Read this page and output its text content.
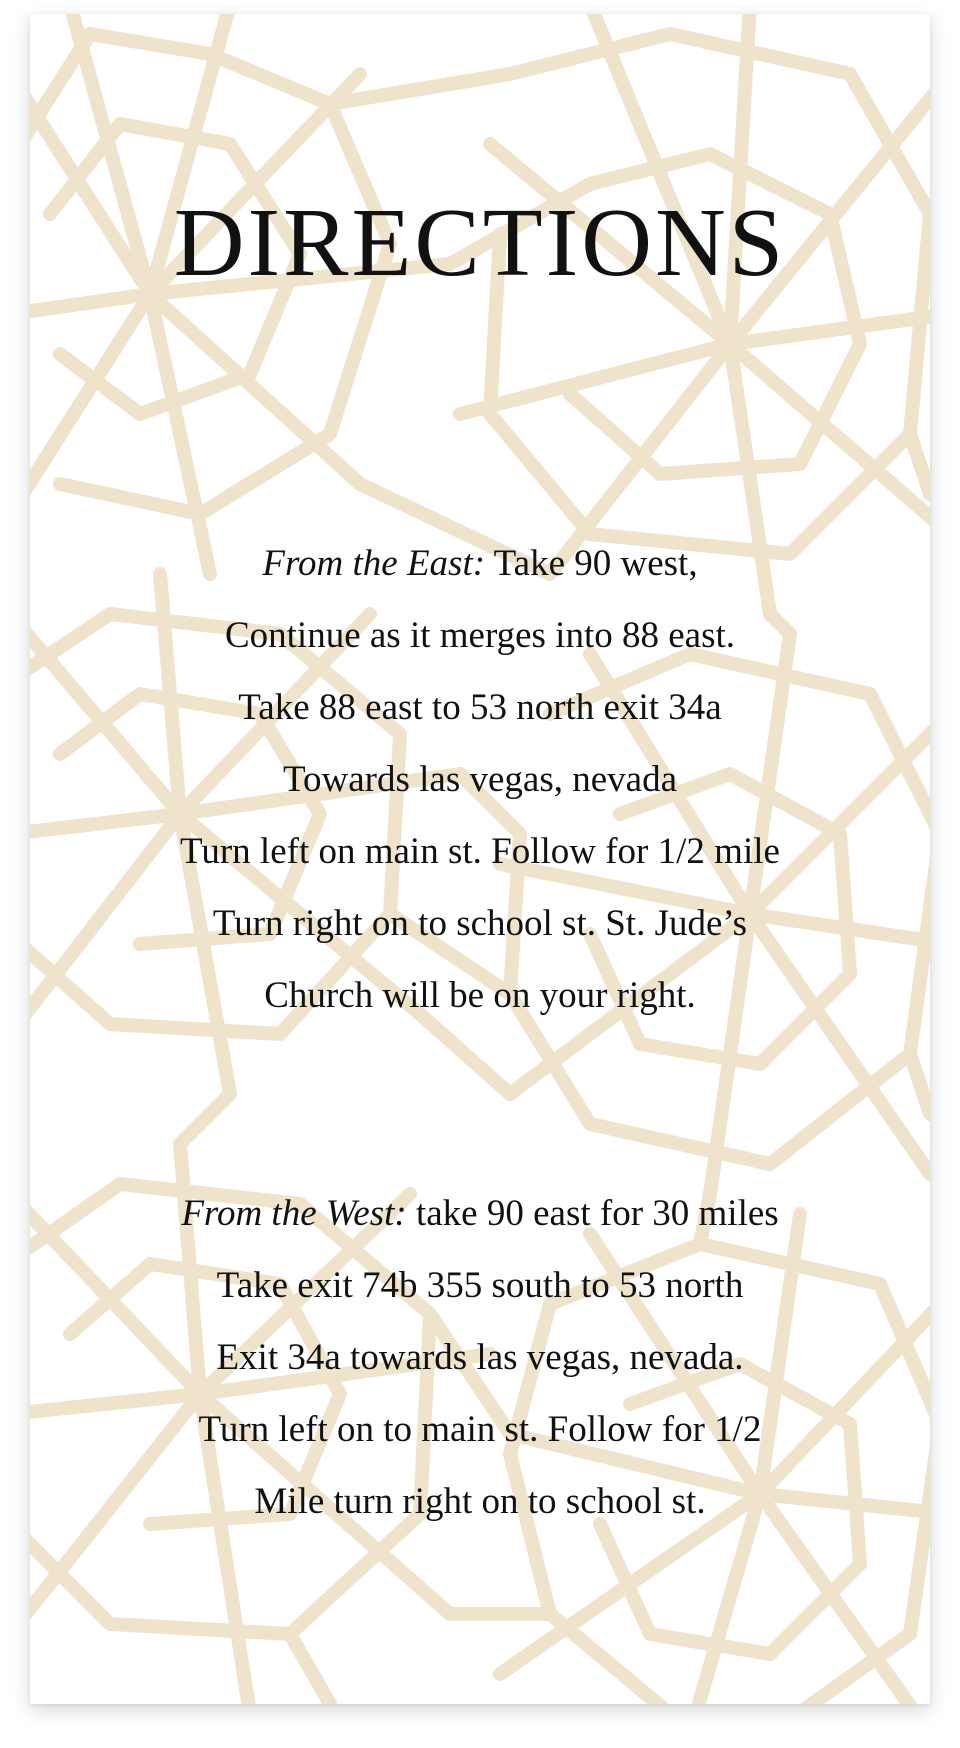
DIRECTIONS
From the East: Take 90 west,
Continue as it merges into 88 east.
Take 88 east to 53 north exit 34a
Towards las vegas, nevada
Turn left on main st. Follow for 1/2 mile
Turn right on to school st. St. Jude’s
Church will be on your right.
From the West: take 90 east for 30 miles
Take exit 74b 355 south to 53 north
Exit 34a towards las vegas, nevada.
Turn left on to main st. Follow for 1/2
Mile turn right on to school st.
